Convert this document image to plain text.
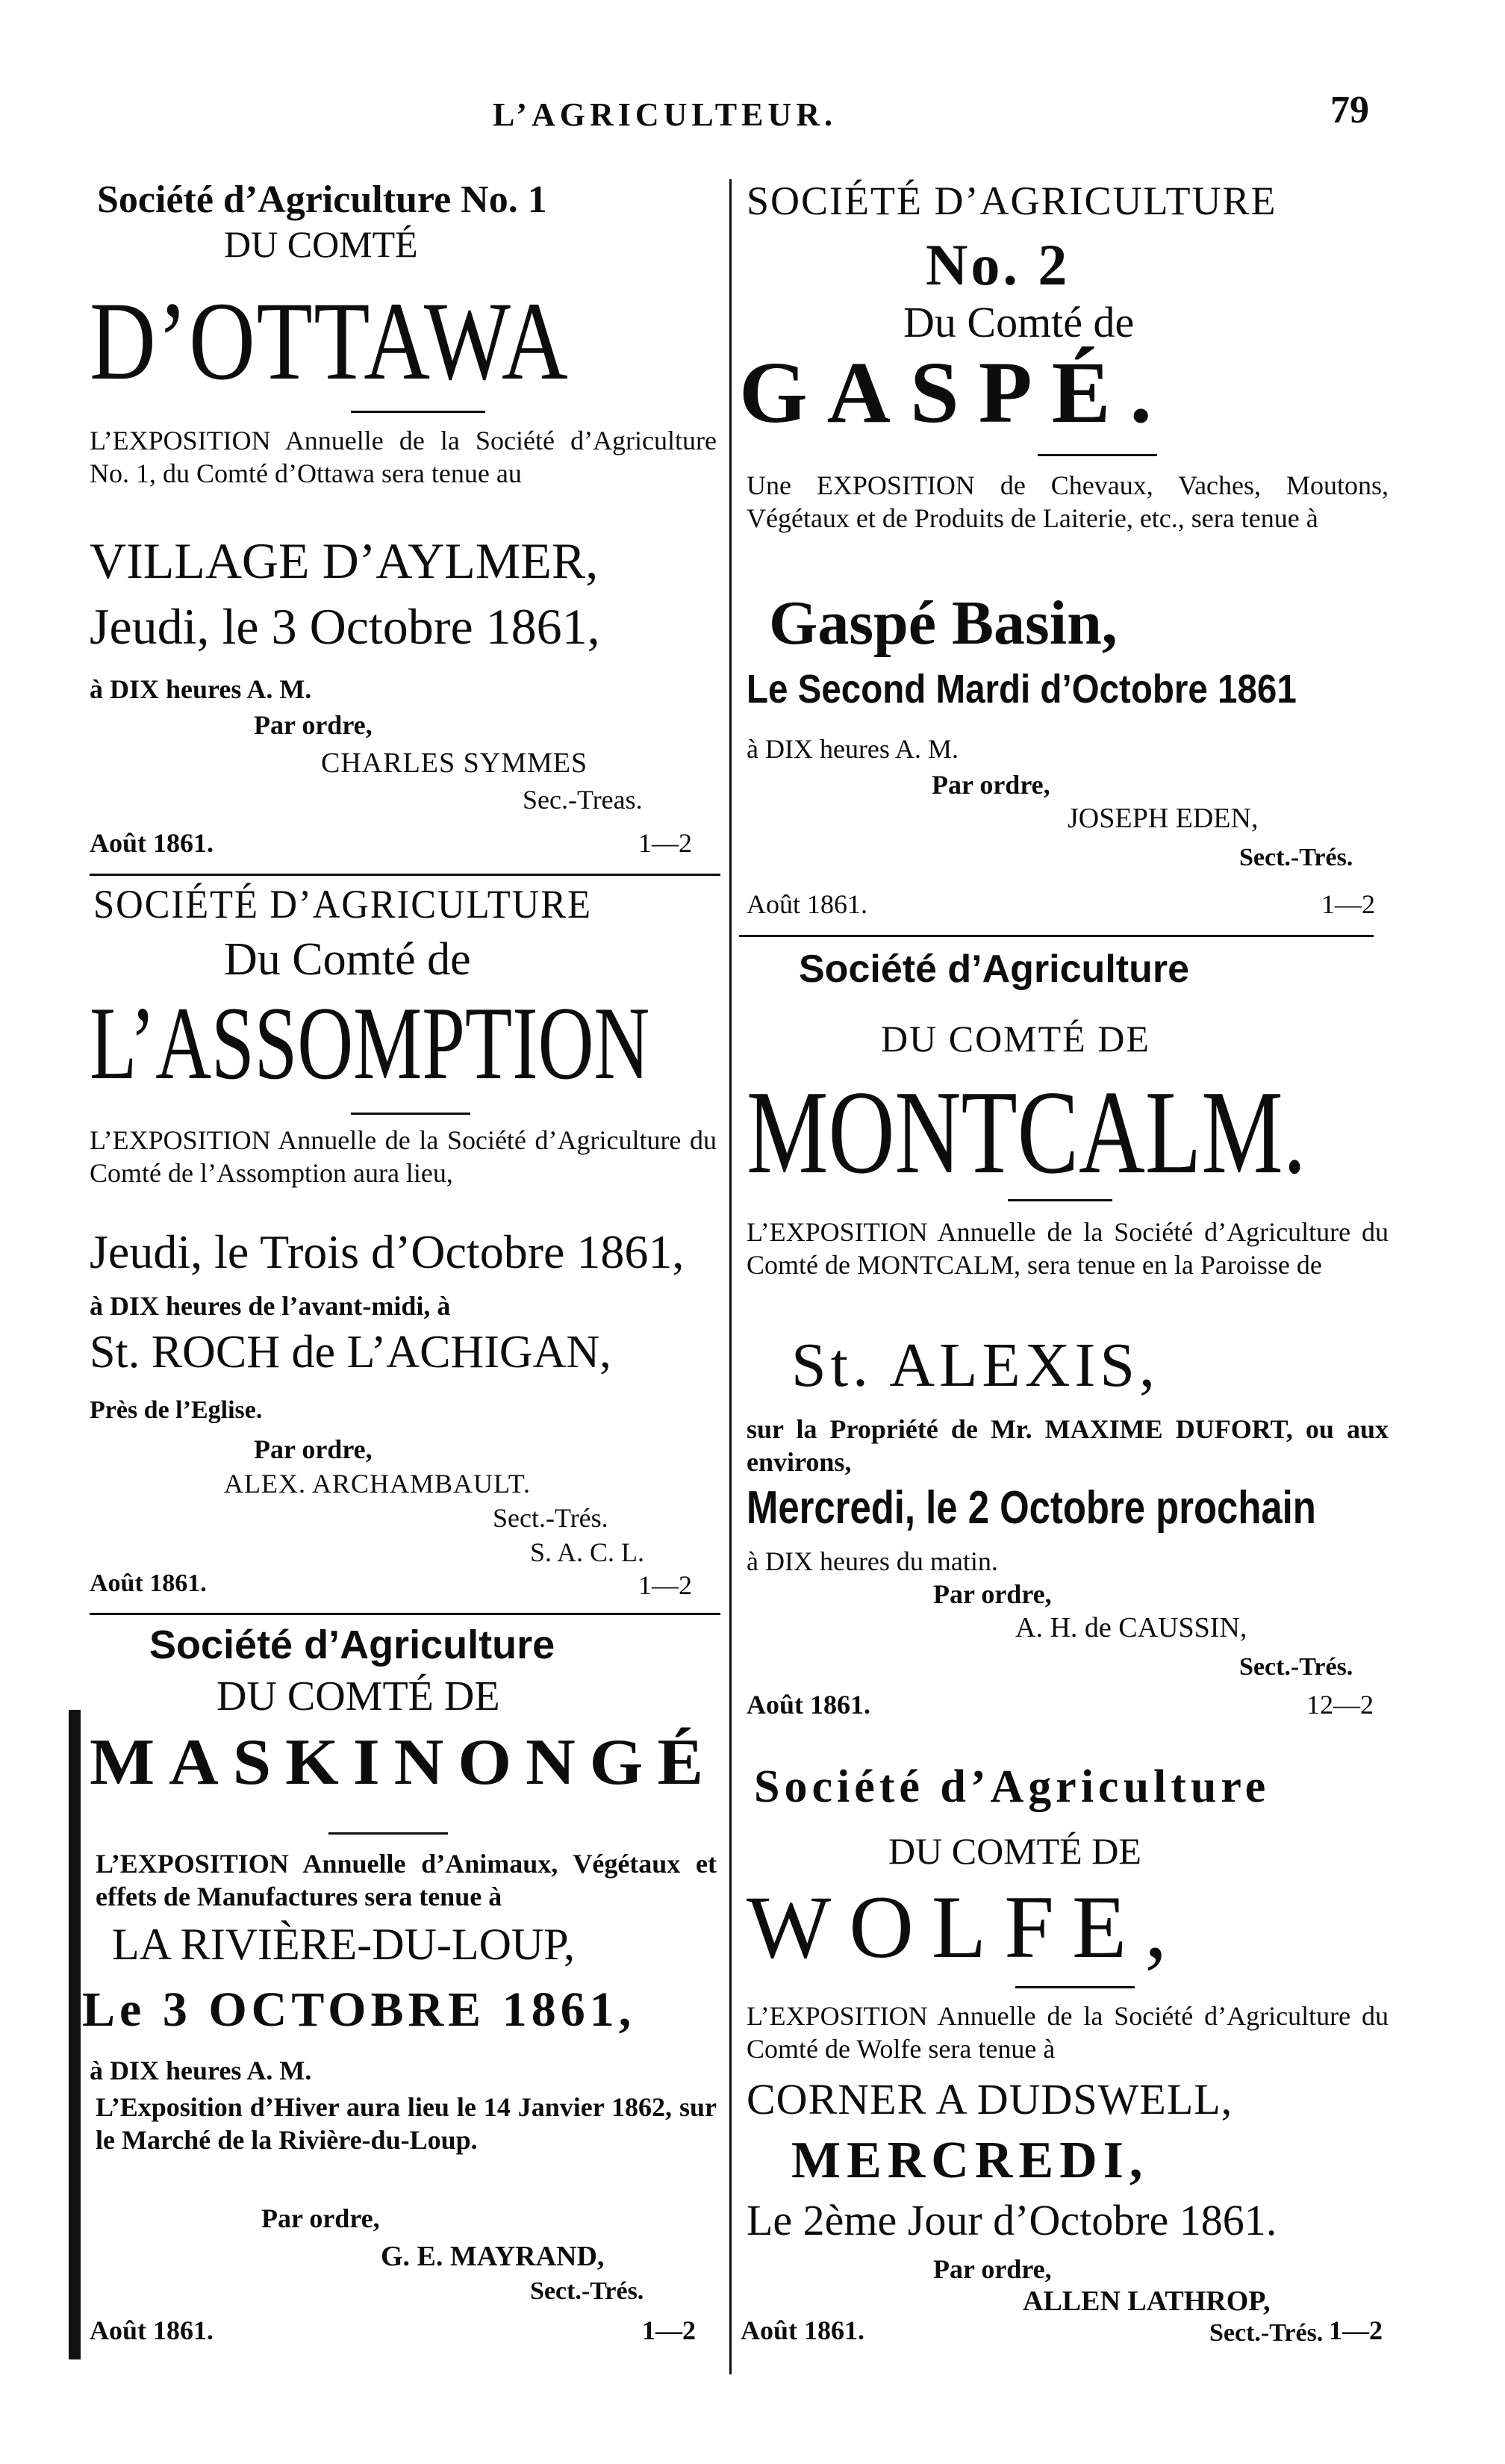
L’AGRICULTEUR.	79
Société d’Agriculture No. 1
DU COMTÉ
D’OTTAWA
L’EXPOSITION Annuelle de la Société d’Agriculture No. 1, du Comté d’Ottawa sera tenue au
VILLAGE D’AYLMER,
Jeudi, le 3 Octobre 1861,
à DIX heures A. M.
Par ordre,
CHARLES SYMMES
Sec.-Treas.
Août 1861.	1—2
SOCIÉTÉ D’AGRICULTURE
Du Comté de
L’ASSOMPTION
L’EXPOSITION Annuelle de la Société d’Agriculture du Comté de l’Assomption aura lieu,
Jeudi, le Trois d’Octobre 1861,
à DIX heures de l’avant-midi, à
St. ROCH de L’ACHIGAN,
Près de l’Eglise.
Par ordre,
ALEX. ARCHAMBAULT.
Sect.-Trés.
S. A. C. L.
Août 1861.	1—2
Société d’Agriculture
DU COMTÉ DE
MASKINONGÉ
L’EXPOSITION Annuelle d’Animaux, Végétaux et effets de Manufactures sera tenue à
LA RIVIÈRE-DU-LOUP,
Le 3 OCTOBRE 1861,
à DIX heures A. M.
L’Exposition d’Hiver aura lieu le 14 Janvier 1862, sur le Marché de la Rivière-du-Loup.
Par ordre,
G. E. MAYRAND,
Sect.-Trés.
Août 1861.	1—2
SOCIÉTÉ D’AGRICULTURE
No. 2
Du Comté de
GASPÉ.
Une EXPOSITION de Chevaux, Vaches, Moutons, Végétaux et de Produits de Laiterie, etc., sera tenue à
Gaspé Basin,
Le Second Mardi d’Octobre 1861
à DIX heures A. M.
Par ordre,
JOSEPH EDEN,
Sect.-Trés.
Août 1861.	1—2
Société d’Agriculture
DU COMTÉ DE
MONTCALM.
L’EXPOSITION Annuelle de la Société d’Agriculture du Comté de MONTCALM, sera tenue en la Paroisse de
St. ALEXIS,
sur la Propriété de Mr. MAXIME DUFORT, ou aux environs,
Mercredi, le 2 Octobre prochain
à DIX heures du matin.
Par ordre,
A. H. de CAUSSIN,
Sect.-Trés.
Août 1861.	12—2
Société d’Agriculture
DU COMTÉ DE
WOLFE,
L’EXPOSITION Annuelle de la Société d’Agriculture du Comté de Wolfe sera tenue à
CORNER A DUDSWELL,
MERCREDI,
Le 2ème Jour d’Octobre 1861.
Par ordre,
ALLEN LATHROP,
Sect.-Trés.
Août 1861.	1—2
